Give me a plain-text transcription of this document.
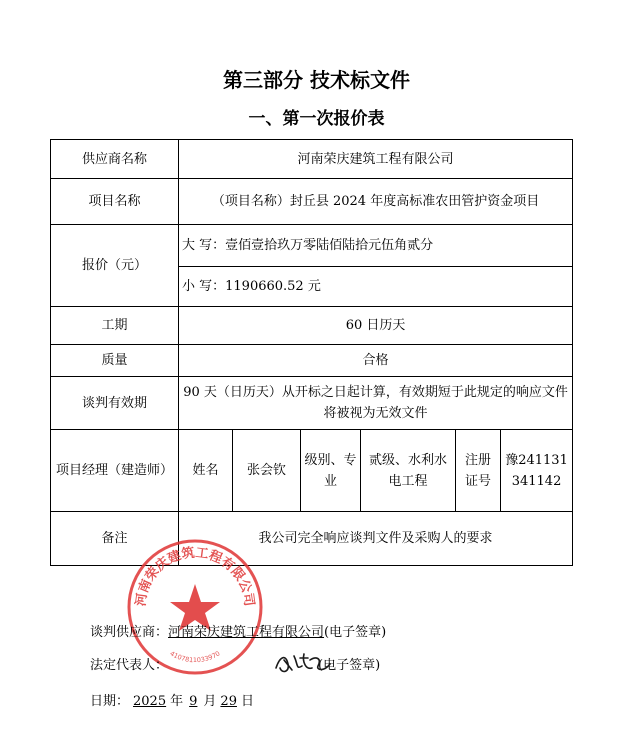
第三部分 技术标文件
一、第一次报价表
供应商名称	河南荣庆建筑工程有限公司					
项目名称	（项目名称）封丘县 2024 年度高标准农田管护资金项目					
报价（元）	大 写：壹佰壹拾玖万零陆佰陆拾元伍角贰分					
	小 写：1190660.52 元					
工期	60 日历天					
质量	合格					
谈判有效期	90 天（日历天）从开标之日起计算，有效期短于此规定的响应文件将被视为无效文件					
项目经理（建造师）	姓名	张会钦	级别、专业	贰级、水利水电工程	注册证号	豫241131341142
备注	我公司完全响应谈判文件及采购人的要求					
河南荣庆建筑工程有限公司
4107811033970
谈判供应商：河南荣庆建筑工程有限公司(电子签章)
法定代表人：	(电子签章)
日期： 2025 年 9 月 29 日
